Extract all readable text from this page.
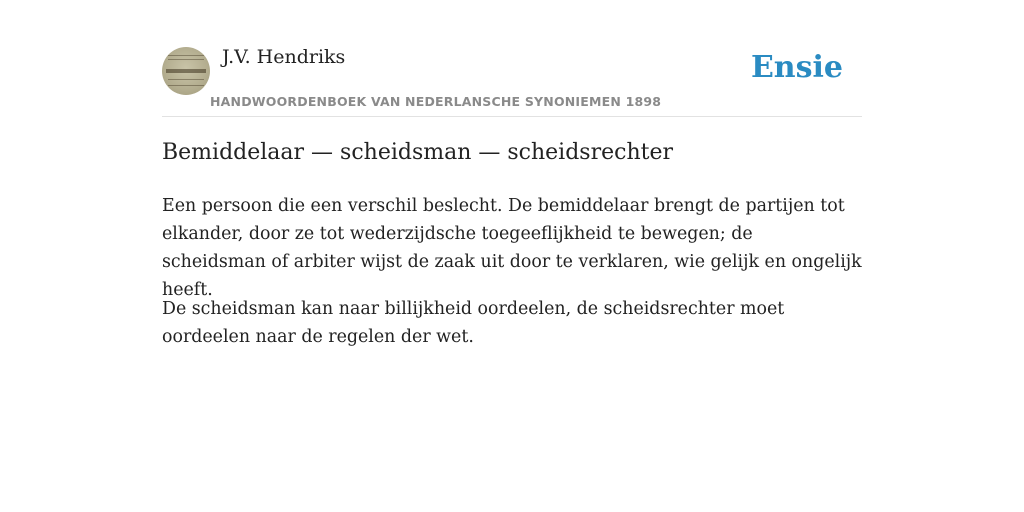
J.V. Hendriks
HANDWOORDENBOEK VAN NEDERLANSCHE SYNONIEMEN 1898
Ensie
Bemiddelaar — scheidsman — scheidsrechter

Een persoon die een verschil beslecht. De bemiddelaar brengt de partijen tot elkander, door ze tot wederzijdsche toegeeflijkheid te bewegen; de scheidsman of arbiter wijst de zaak uit door te verklaren, wie gelijk en ongelijk heeft.

De scheidsman kan naar billijkheid oordeelen, de scheidsrechter moet oordeelen naar de regelen der wet.
